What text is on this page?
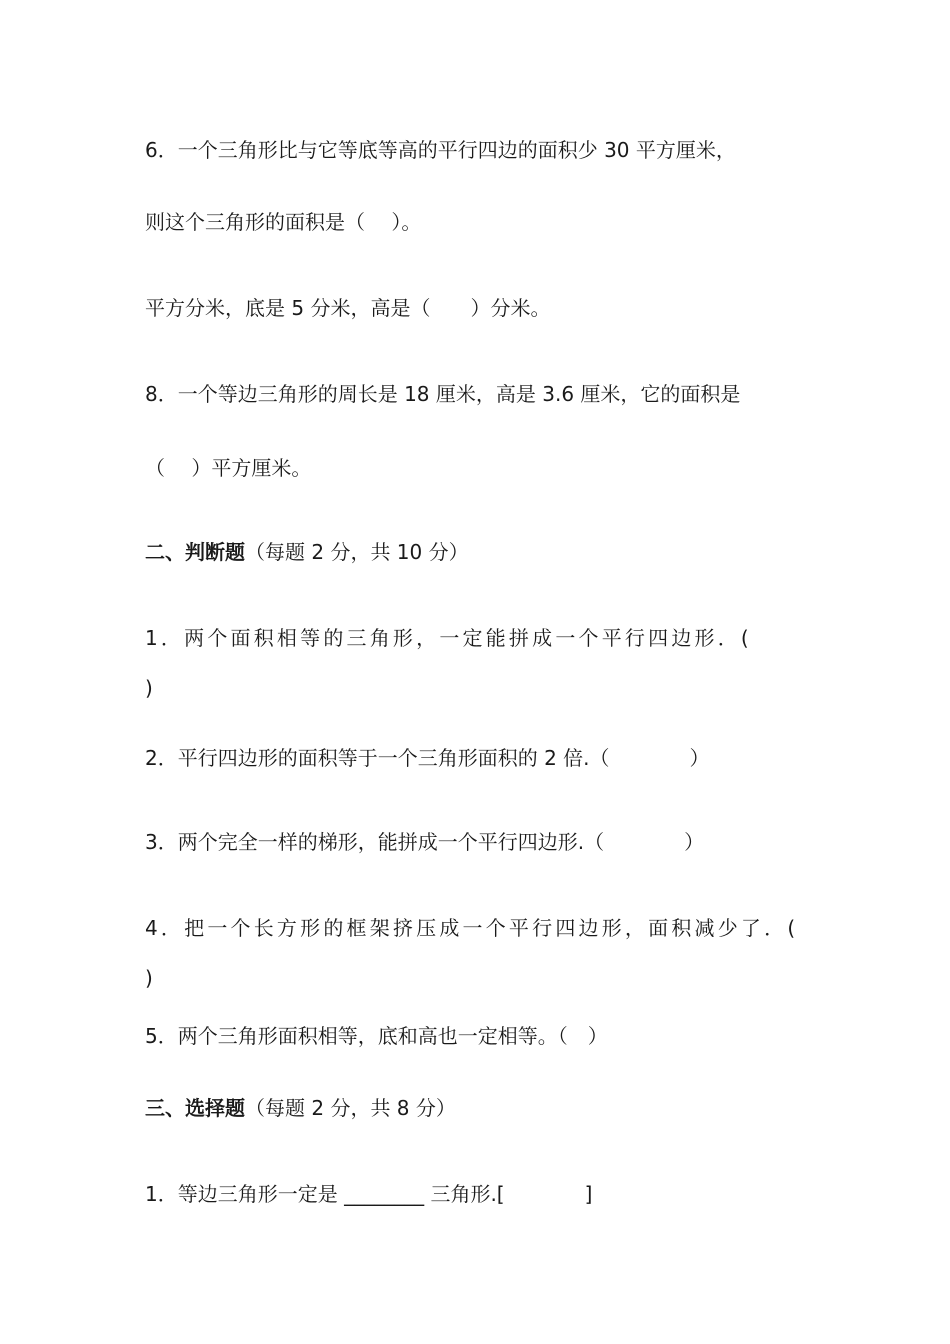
6．一个三角形比与它等底等高的平行四边的面积少 30 平方厘米，
则这个三角形的面积是（　 ）。
平方分米，底是 5 分米，高是（　　）分米。
8．一个等边三角形的周长是 18 厘米，高是 3.6 厘米，它的面积是
（　 ）平方厘米。
二、判断题（每题 2 分，共 10 分）
1．两个面积相等的三角形，一定能拼成一个平行四边形．(
)
2．平行四边形的面积等于一个三角形面积的 2 倍.（　　　　）
3．两个完全一样的梯形，能拼成一个平行四边形.（　　　　）
4．把一个长方形的框架挤压成一个平行四边形，面积减少了．(
)
5．两个三角形面积相等，底和高也一定相等。（　）
三、选择题（每题 2 分，共 8 分）
1．等边三角形一定是 ________ 三角形.[　　　　]
